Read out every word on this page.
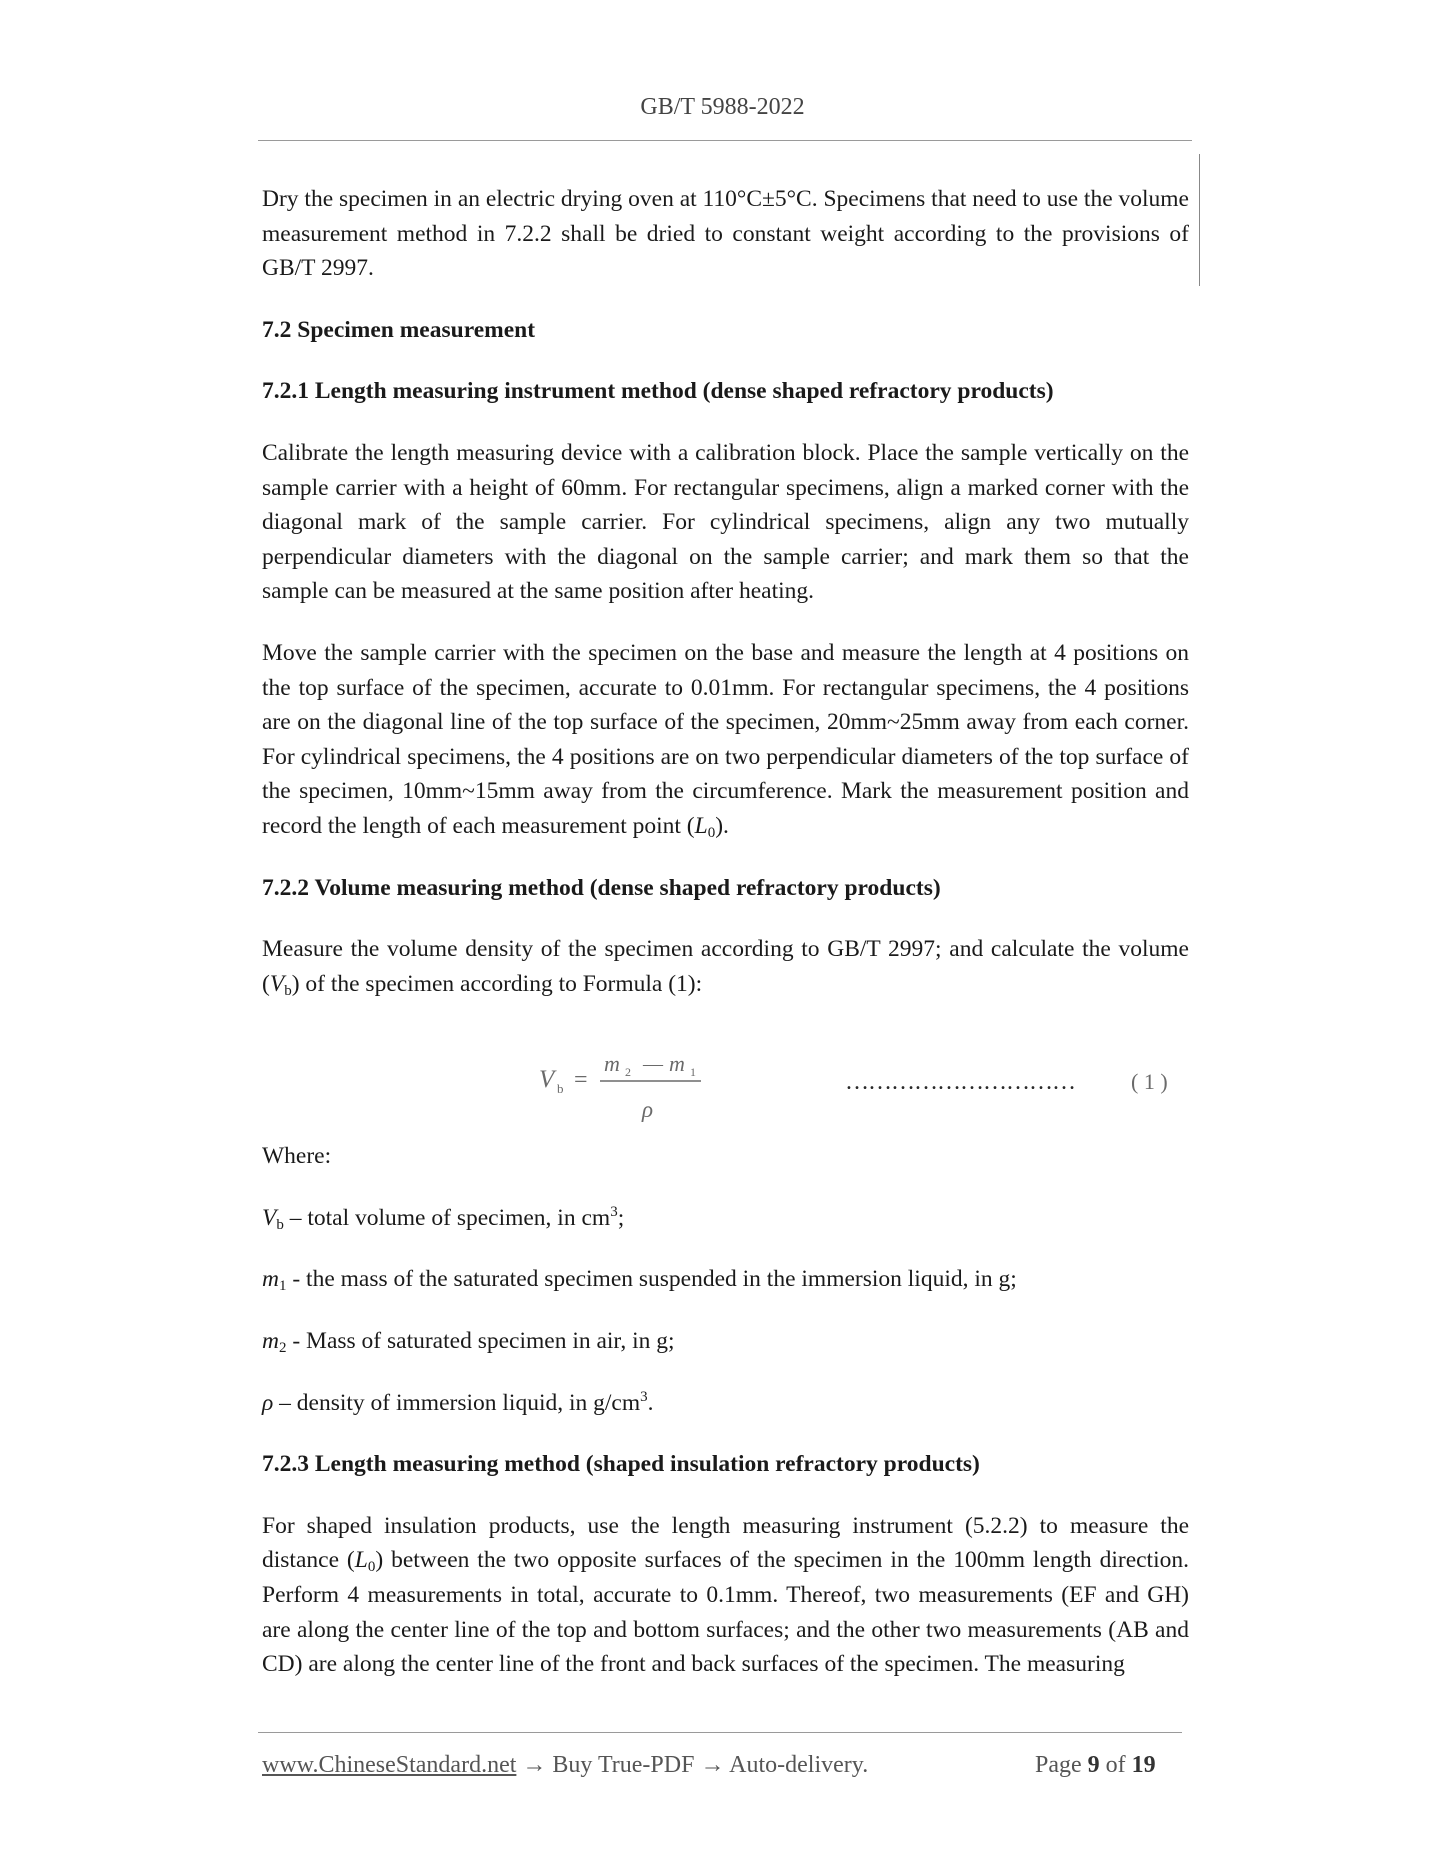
GB/T 5988-2022

Dry the specimen in an electric drying oven at 110°C±5°C. Specimens that need to use the volume measurement method in 7.2.2 shall be dried to constant weight according to the provisions of GB/T 2997.

7.2 Specimen measurement
7.2.1 Length measuring instrument method (dense shaped refractory products)

Calibrate the length measuring device with a calibration block. Place the sample vertically on the sample carrier with a height of 60mm. For rectangular specimens, align a marked corner with the diagonal mark of the sample carrier. For cylindrical specimens, align any two mutually perpendicular diameters with the diagonal on the sample carrier; and mark them so that the sample can be measured at the same position after heating.

Move the sample carrier with the specimen on the base and measure the length at 4 positions on the top surface of the specimen, accurate to 0.01mm. For rectangular specimens, the 4 positions are on the diagonal line of the top surface of the specimen, 20mm~25mm away from each corner. For cylindrical specimens, the 4 positions are on two perpendicular diameters of the top surface of the specimen, 10mm~15mm away from the circumference. Mark the measurement position and record the length of each measurement point $(L_0)$.

7.2.2 Volume measuring method (dense shaped refractory products)

Measure the volume density of the specimen according to GB/T 2997; and calculate the volume $(V_b)$ of the specimen according to Formula (1):

V b =
m 2 — m 1
ρ
…………………………	( 1 )

Where:

$V_b$ – total volume of specimen, in $cm^3$;

$m_1$ - the mass of the saturated specimen suspended in the immersion liquid, in g;

$m_2$ - Mass of saturated specimen in air, in g;

ρ – density of immersion liquid, in $g/cm^3$.

7.2.3 Length measuring method (shaped insulation refractory products)

For shaped insulation products, use the length measuring instrument (5.2.2) to measure the distance $(L_0)$ between the two opposite surfaces of the specimen in the 100mm length direction. Perform 4 measurements in total, accurate to 0.1mm. Thereof, two measurements (EF and GH) are along the center line of the top and bottom surfaces; and the other two measurements (AB and CD) are along the center line of the front and back surfaces of the specimen. The measuring

www.ChineseStandard.net → Buy True-PDF → Auto-delivery.	Page 9 of 19
